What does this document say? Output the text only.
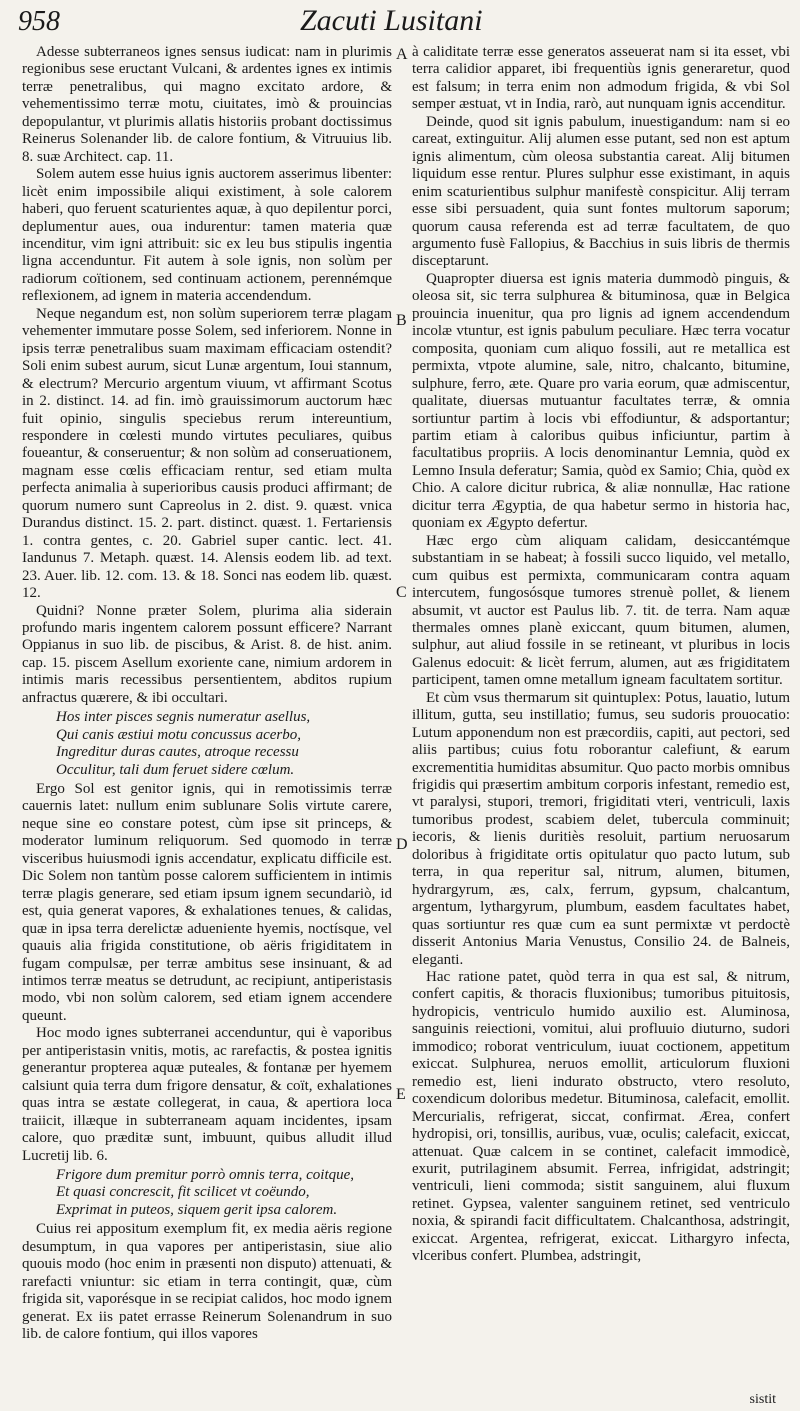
958	Zacuti Lusitani
A
B
C
D
E

Adesse subterraneos ignes sensus iudicat: nam in plurimis regionibus sese eructant Vulcani, & ardentes ignes ex intimis terræ penetralibus, qui magno excitato ardore, & vehementissimo terræ motu, ciuitates, imò & prouincias depopulantur, vt plurimis allatis historiis probant doctissimus Reinerus Solenander lib. de calore fontium, & Vitruuius lib. 8. suæ Architect. cap. 11.

Solem autem esse huius ignis auctorem asserimus libenter: licèt enim impossibile aliqui existiment, à sole calorem haberi, quo feruent scaturientes aquæ, à quo depilentur porci, deplumentur aues, oua indurentur: tamen materia quæ incenditur, vim igni attribuit: sic ex leu bus stipulis ingentia ligna accenduntur. Fit autem à sole ignis, non solùm per radiorum coïtionem, sed continuam actionem, perennémque reflexionem, ad ignem in materia accendendum.

Neque negandum est, non solùm superiorem terræ plagam vehementer immutare posse Solem, sed inferiorem. Nonne in ipsis terræ penetralibus suam maximam efficaciam ostendit? Soli enim subest aurum, sicut Lunæ argentum, Ioui stannum, & electrum? Mercurio argentum viuum, vt affirmant Scotus in 2. distinct. 14. ad fin. imò grauissimorum auctorum hæc fuit opinio, singulis speciebus rerum intereuntium, respondere in cœlesti mundo virtutes peculiares, quibus foueantur, & conseruentur; & non solùm ad conseruationem, magnam esse cœlis efficaciam rentur, sed etiam multa perfecta animalia à superioribus causis produci affirmant; de quorum numero sunt Capreolus in 2. dist. 9. quæst. vnica Durandus distinct. 15. 2. part. distinct. quæst. 1. Fertariensis 1. contra gentes, c. 20. Gabriel super cantic. lect. 41. Iandunus 7. Metaph. quæst. 14. Alensis eodem lib. ad text. 23. Auer. lib. 12. com. 13. & 18. Sonci nas eodem lib. quæst. 12.

Quidni? Nonne præter Solem, plurima alia siderain profundo maris ingentem calorem possunt efficere? Narrant Oppianus in suo lib. de piscibus, & Arist. 8. de hist. anim. cap. 15. piscem Asellum exoriente cane, nimium ardorem in intimis maris recessibus persentientem, abditos rupium anfractus quærere, & ibi occultari.

Hos inter pisces segnis numeratur asellus,
Qui canis æstiui motu concussus acerbo,
Ingreditur duras cautes, atroque recessu
Occulitur, tali dum feruet sidere cœlum.

Ergo Sol est genitor ignis, qui in remotissimis terræ cauernis latet: nullum enim sublunare Solis virtute carere, neque sine eo constare potest, cùm ipse sit princeps, & moderator luminum reliquorum. Sed quomodo in terræ visceribus huiusmodi ignis accendatur, explicatu difficile est. Dic Solem non tantùm posse calorem sufficientem in intimis terræ plagis generare, sed etiam ipsum ignem secundariò, id est, quia generat vapores, & exhalationes tenues, & calidas, quæ in ipsa terra derelictæ adueniente hyemis, noctísque, vel quauis alia frigida constitutione, ob aëris frigiditatem in fugam compulsæ, per terræ ambitus sese insinuant, & ad intimos terræ meatus se detrudunt, ac recipiunt, antiperistasis modo, vbi non solùm calorem, sed etiam ignem accendere queunt.

Hoc modo ignes subterranei accenduntur, qui è vaporibus per antiperistasin vnitis, motis, ac rarefactis, & postea ignitis generantur propterea aquæ puteales, & fontanæ per hyemem calsiunt quia terra dum frigore densatur, & coït, exhalationes quas intra se æstate collegerat, in caua, & apertiora loca traiicit, illæque in subterraneam aquam incidentes, ipsam calore, quo præditæ sunt, imbuunt, quibus alludit illud Lucretij lib. 6.

Frigore dum premitur porrò omnis terra, coitque,
Et quasi concrescit, fit scilicet vt coëundo,
Exprimat in puteos, siquem gerit ipsa calorem.

Cuius rei appositum exemplum fit, ex media aëris regione desumptum, in qua vapores per antiperistasin, siue alio quouis modo (hoc enim in præsenti non disputo) attenuati, & rarefacti vniuntur: sic etiam in terra contingit, quæ, cùm frigida sit, vaporésque in se recipiat calidos, hoc modo ignem generat. Ex iis patet errasse Reinerum Solenandrum in suo lib. de calore fontium, qui illos vapores

à caliditate terræ esse generatos asseuerat nam si ita esset, vbi terra calidior apparet, ibi frequentiùs ignis generaretur, quod est falsum; in terra enim non admodum frigida, & vbi Sol semper æstuat, vt in India, rarò, aut nunquam ignis accenditur.

Deinde, quod sit ignis pabulum, inuestigandum: nam si eo careat, extinguitur. Alij alumen esse putant, sed non est aptum ignis alimentum, cùm oleosa substantia careat. Alij bitumen liquidum esse rentur. Plures sulphur esse existimant, in aquis enim scaturientibus sulphur manifestè conspicitur. Alij terram esse sibi persuadent, quia sunt fontes multorum saporum; quorum causa referenda est ad terræ facultatem, de quo argumento fusè Fallopius, & Bacchius in suis libris de thermis disceptarunt.

Quapropter diuersa est ignis materia dummodò pinguis, & oleosa sit, sic terra sulphurea & bituminosa, quæ in Belgica prouincia inuenitur, qua pro lignis ad ignem accendendum incolæ vtuntur, est ignis pabulum peculiare. Hæc terra vocatur composita, quoniam cum aliquo fossili, aut re metallica est permixta, vtpote alumine, sale, nitro, chalcanto, bitumine, sulphure, ferro, æte. Quare pro varia eorum, quæ admiscentur, qualitate, diuersas mutuantur facultates terræ, & omnia sortiuntur partim à locis vbi effodiuntur, & adsportantur; partim etiam à caloribus quibus inficiuntur, partim à facultatibus propriis. A locis denominantur Lemnia, quòd ex Lemno Insula deferatur; Samia, quòd ex Samio; Chia, quòd ex Chio. A calore dicitur rubrica, & aliæ nonnullæ, Hac ratione dicitur terra Ægyptia, de qua habetur sermo in historia hac, quoniam ex Ægypto defertur.

Hæc ergo cùm aliquam calidam, desiccantémque substantiam in se habeat; à fossili succo liquido, vel metallo, cum quibus est permixta, communicaram contra aquam intercutem, fungosósque tumores strenuè pollet, & lienem absumit, vt auctor est Paulus lib. 7. tit. de terra. Nam aquæ thermales omnes planè exiccant, quum bitumen, alumen, sulphur, aut aliud fossile in se retineant, vt pluribus in locis Galenus edocuit: & licèt ferrum, alumen, aut æs frigiditatem participent, tamen omne metallum igneam facultatem sortitur.

Et cùm vsus thermarum sit quintuplex: Potus, lauatio, lutum illitum, gutta, seu instillatio; fumus, seu sudoris prouocatio: Lutum apponendum non est præcordiis, capiti, aut pectori, sed aliis partibus; cuius fotu roborantur calefiunt, & earum excrementitia humiditas absumitur. Quo pacto morbis omnibus frigidis qui præsertim ambitum corporis infestant, remedio est, vt paralysi, stupori, tremori, frigiditati vteri, ventriculi, laxis tumoribus prodest, scabiem delet, tubercula comminuit; iecoris, & lienis duritiès resoluit, partium neruosarum doloribus à frigiditate ortis opitulatur quo pacto lutum, sub terra, in qua reperitur sal, nitrum, alumen, bitumen, hydrargyrum, æs, calx, ferrum, gypsum, chalcantum, argentum, lythargyrum, plumbum, easdem facultates habet, quas sortiuntur res quæ cum ea sunt permixtæ vt perdoctè disserit Antonius Maria Venustus, Consilio 24. de Balneis, eleganti.

Hac ratione patet, quòd terra in qua est sal, & nitrum, confert capitis, & thoracis fluxionibus; tumoribus pituitosis, hydropicis, ventriculo humido auxilio est. Aluminosa, sanguinis reiectioni, vomitui, alui profluuio diuturno, sudori immodico; roborat ventriculum, iuuat coctionem, appetitum exiccat. Sulphurea, neruos emollit, articulorum fluxioni remedio est, lieni indurato obstructo, vtero resoluto, coxendicum doloribus medetur. Bituminosa, calefacit, emollit. Mercurialis, refrigerat, siccat, confirmat. Ærea, confert hydropisi, ori, tonsillis, auribus, vuæ, oculis; calefacit, exiccat, attenuat. Quæ calcem in se continet, calefacit immodicè, exurit, putrilaginem absumit. Ferrea, infrigidat, adstringit; ventriculi, lieni commoda; sistit sanguinem, alui fluxum retinet. Gypsea, valenter sanguinem retinet, sed ventriculo noxia, & spirandi facit difficultatem. Chalcanthosa, adstringit, exiccat. Argentea, refrigerat, exiccat. Lithargyro infecta, vlceribus confert. Plumbea, adstringit,

sistit
